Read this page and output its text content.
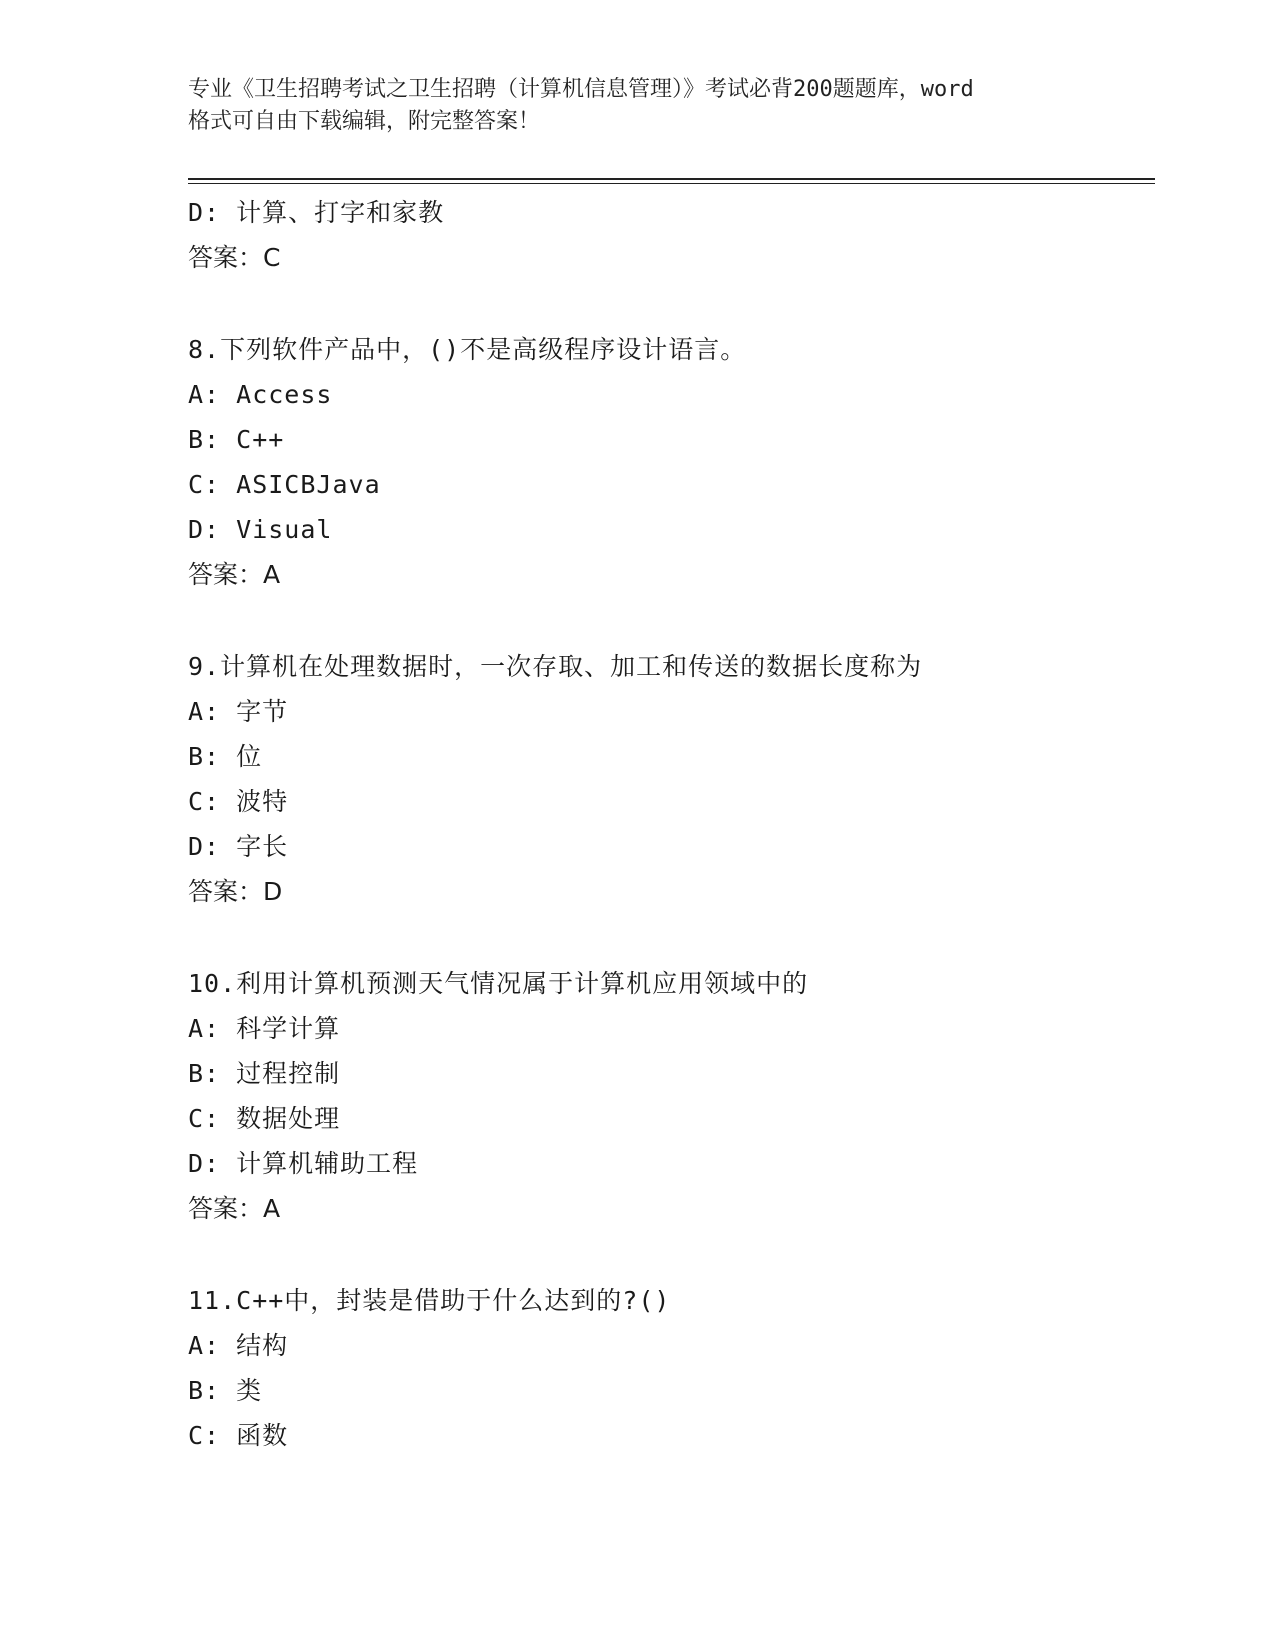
专业《卫生招聘考试之卫生招聘（计算机信息管理）》考试必背200题题库，word
格式可自由下载编辑，附完整答案！
D: 计算、打字和家教
答案：C
8.下列软件产品中，()不是高级程序设计语言。
A: Access
B: C++
C: ASICBJava
D: Visual
答案：A
9.计算机在处理数据时，一次存取、加工和传送的数据长度称为
A: 字节
B: 位
C: 波特
D: 字长
答案：D
10.利用计算机预测天气情况属于计算机应用领域中的
A: 科学计算
B: 过程控制
C: 数据处理
D: 计算机辅助工程
答案：A
11.C++中，封装是借助于什么达到的?()
A: 结构
B: 类
C: 函数
